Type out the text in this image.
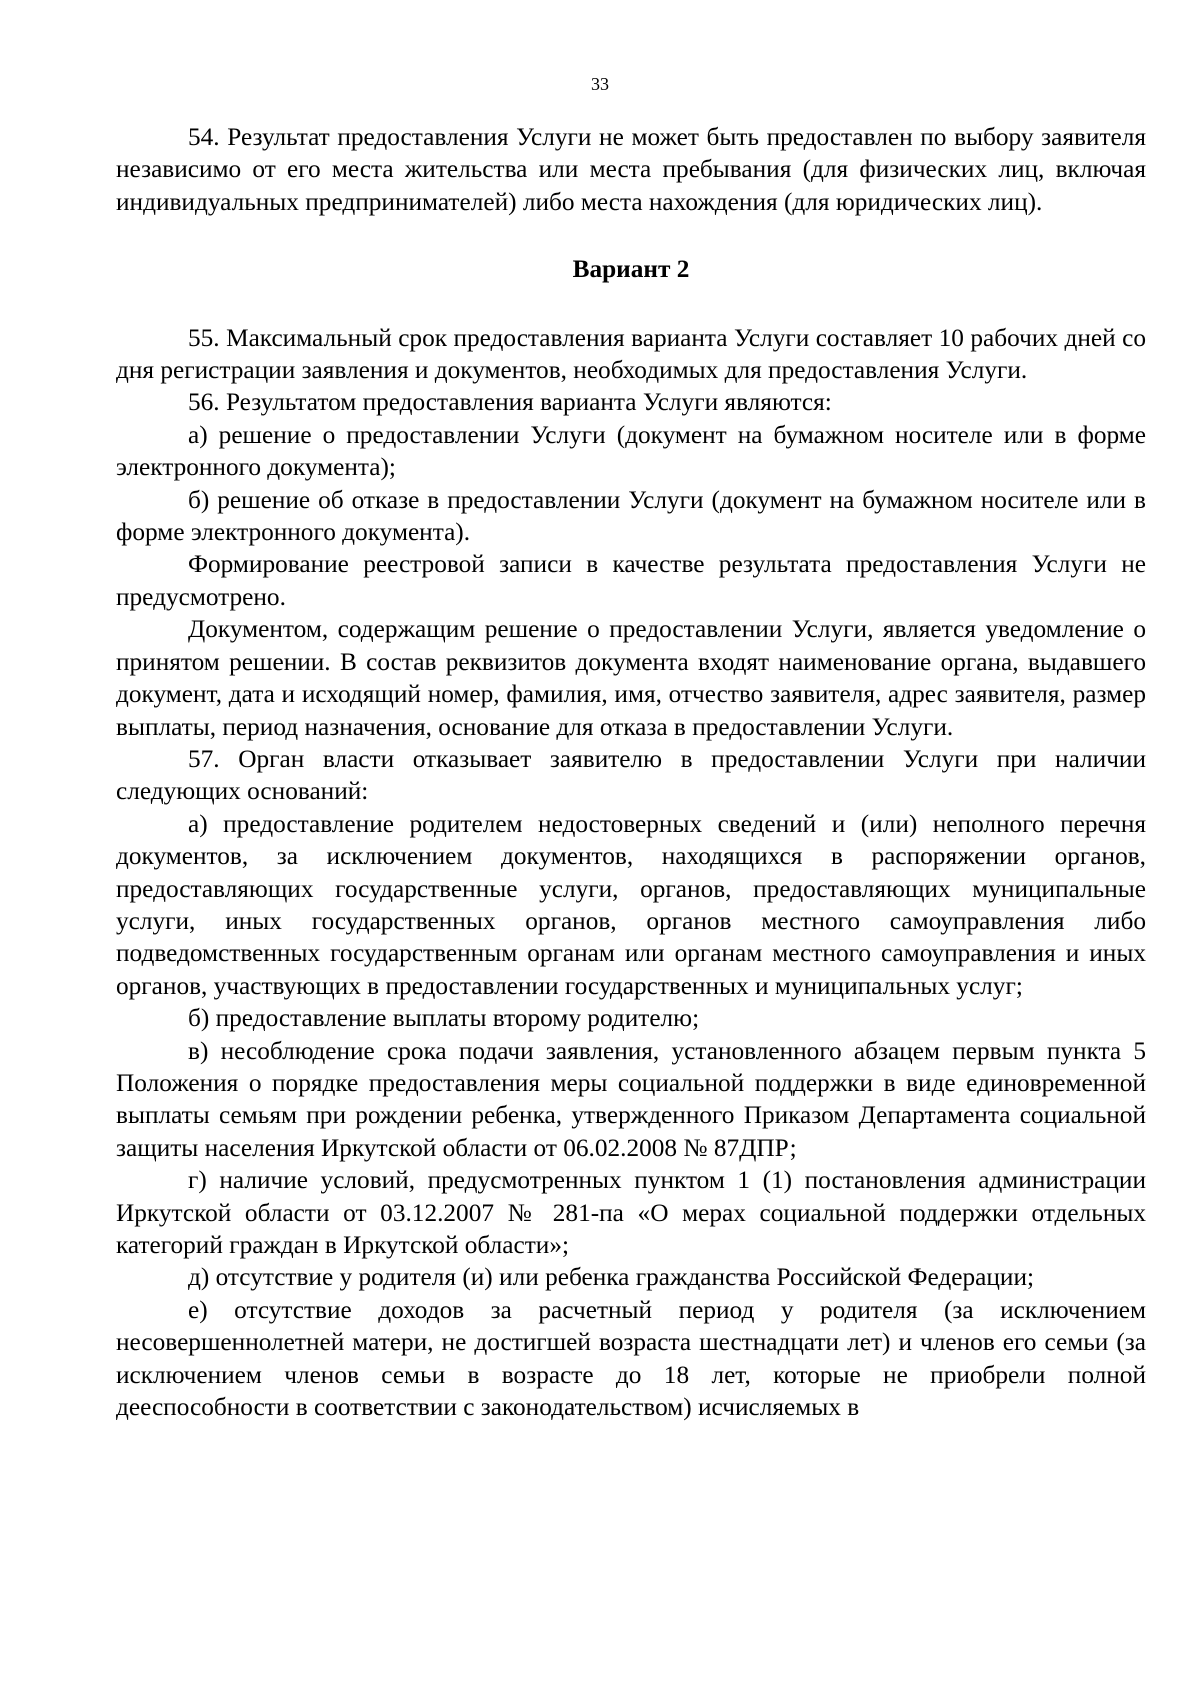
33

54. Результат предоставления Услуги не может быть предоставлен по выбору заявителя независимо от его места жительства или места пребывания (для физических лиц, включая индивидуальных предпринимателей) либо места нахождения (для юридических лиц).

Вариант 2

55. Максимальный срок предоставления варианта Услуги составляет 10 рабочих дней со дня регистрации заявления и документов, необходимых для предоставления Услуги.

56. Результатом предоставления варианта Услуги являются:

а) решение о предоставлении Услуги (документ на бумажном носителе или в форме электронного документа);

б) решение об отказе в предоставлении Услуги (документ на бумажном носителе или в форме электронного документа).

Формирование реестровой записи в качестве результата предоставления Услуги не предусмотрено.

Документом, содержащим решение о предоставлении Услуги, является уведомление о принятом решении. В состав реквизитов документа входят наименование органа, выдавшего документ, дата и исходящий номер, фамилия, имя, отчество заявителя, адрес заявителя, размер выплаты, период назначения, основание для отказа в предоставлении Услуги.

57. Орган власти отказывает заявителю в предоставлении Услуги при наличии следующих оснований:

а) предоставление родителем недостоверных сведений и (или) неполного перечня документов, за исключением документов, находящихся в распоряжении органов, предоставляющих государственные услуги, органов, предоставляющих муниципальные услуги, иных государственных органов, органов местного самоуправления либо подведомственных государственным органам или органам местного самоуправления и иных органов, участвующих в предоставлении государственных и муниципальных услуг;

б) предоставление выплаты второму родителю;

в) несоблюдение срока подачи заявления, установленного абзацем первым пункта 5 Положения о порядке предоставления меры социальной поддержки в виде единовременной выплаты семьям при рождении ребенка, утвержденного Приказом Департамента социальной защиты населения Иркутской области от 06.02.2008 № 87ДПР;

г) наличие условий, предусмотренных пунктом 1 (1) постановления администрации Иркутской области от 03.12.2007 № 281-па «О мерах социальной поддержки отдельных категорий граждан в Иркутской области»;

д) отсутствие у родителя (и) или ребенка гражданства Российской Федерации;

е) отсутствие доходов за расчетный период у родителя (за исключением несовершеннолетней матери, не достигшей возраста шестнадцати лет) и членов его семьи (за исключением членов семьи в возрасте до 18 лет, которые не приобрели полной дееспособности в соответствии с законодательством) исчисляемых в
